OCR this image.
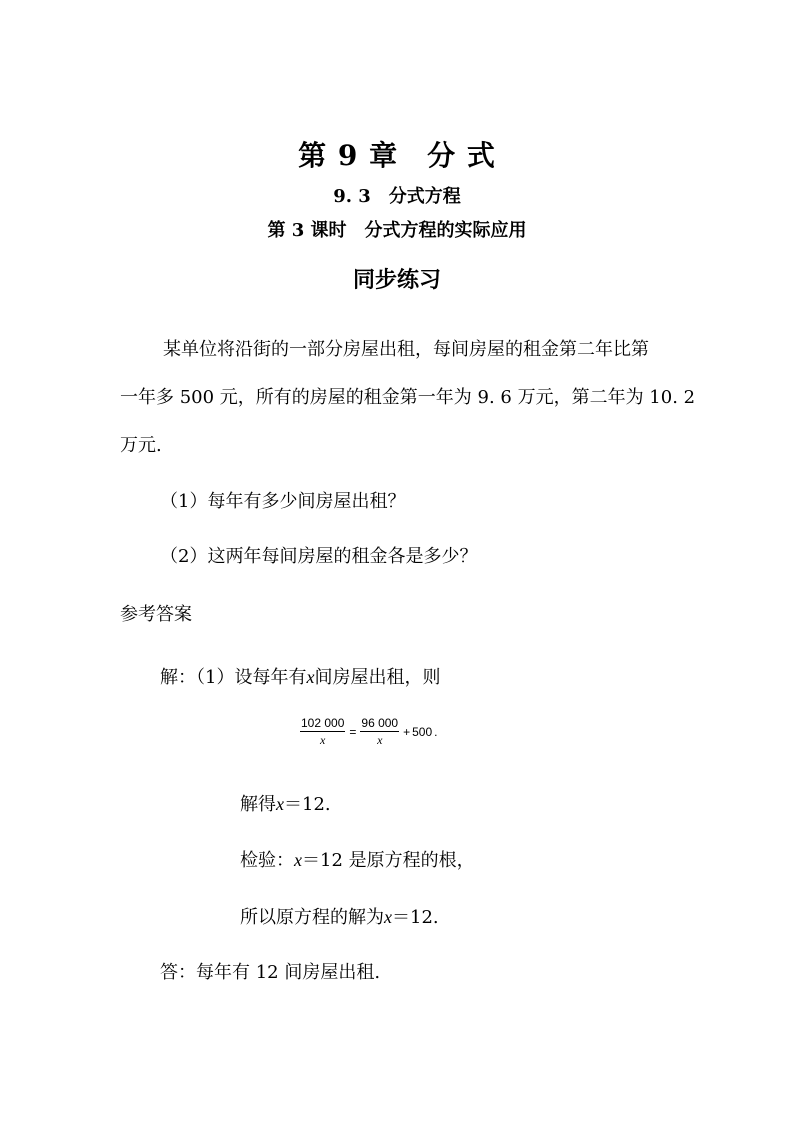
第 9 章　分 式
9. 3　分式方程
第 3 课时　分式方程的实际应用
同步练习
某单位将沿街的一部分房屋出租，每间房屋的租金第二年比第
一年多 500 元，所有的房屋的租金第一年为 9. 6 万元，第二年为 10. 2
万元.
（1）每年有多少间房屋出租？
（2）这两年每间房屋的租金各是多少？
参考答案
解：（1）设每年有x间房屋出租，则
$\frac{102 000}{x} = \frac{96 000}{x} + 500$ .
解得x＝12.
检验：x＝12 是原方程的根，
所以原方程的解为x＝12.
答：每年有 12 间房屋出租.
